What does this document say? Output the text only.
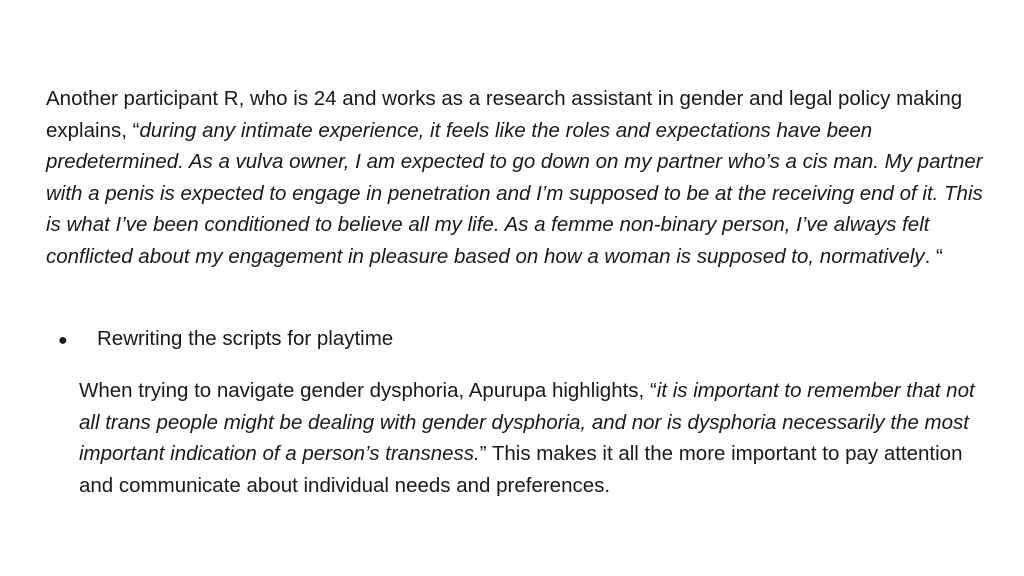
Another participant R, who is 24 and works as a research assistant in gender and legal policy making explains, “during any intimate experience, it feels like the roles and expectations have been predetermined. As a vulva owner, I am expected to go down on my partner who’s a cis man. My partner with a penis is expected to engage in penetration and I’m supposed to be at the receiving end of it. This is what I’ve been conditioned to believe all my life. As a femme non-binary person, I’ve always felt conflicted about my engagement in pleasure based on how a woman is supposed to, normatively. “

●	Rewriting the scripts for playtime

When trying to navigate gender dysphoria, Apurupa highlights, “it is important to remember that not all trans people might be dealing with gender dysphoria, and nor is dysphoria necessarily the most important indication of a person’s transness.” This makes it all the more important to pay attention and communicate about individual needs and preferences.
